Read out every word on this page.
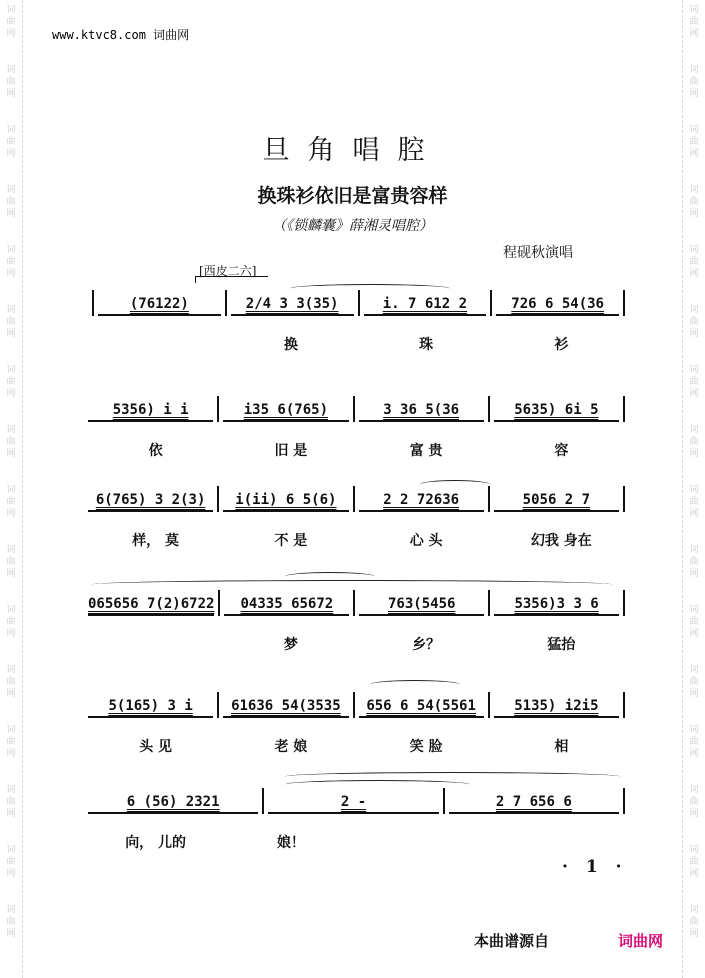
词
曲
网
词
曲
网
词
曲
网
词
曲
网
词
曲
网
词
曲
网
词
曲
网
词
曲
网
词
曲
网
词
曲
网
词
曲
网
词
曲
网
词
曲
网
词
曲
网
词
曲
网
词
曲
网
词
曲
网
词
曲
网
词
曲
网
词
曲
网
词
曲
网
词
曲
网
词
曲
网
词
曲
网
词
曲
网
词
曲
网
词
曲
网
词
曲
网
词
曲
网
词
曲
网
词
曲
网
词
曲
网
www.ktvc8.com 词曲网
旦角唱腔
换珠衫依旧是富贵容样
（《锁麟囊》薛湘灵唱腔）
程砚秋演唱
[西皮二六]
(76122)	2/4 3 3(35)	i. 7 612 2	726 6 54(36
换	珠	衫
5356) i i	i35 6(765)	3 36 5(36	5635) 6i 5
依	旧 是	富 贵	容
6(765) 3 2(3)	i(ii) 6 5(6)	2 2 72636	5056 2 7
样， 莫	不 是	心 头	幻我 身在
065656 7(2)6722	04335 65672	763(5456	5356)3 3 6
梦	乡？	猛抬
5(165) 3 i	61636 54(3535	656 6 54(5561	5135) i2i5
头 见	老 娘	笑 脸	相
6 (56) 2321	2 -	2 7 656 6
向， 儿的	娘！
· 1 ·
本曲谱源自	词曲网
